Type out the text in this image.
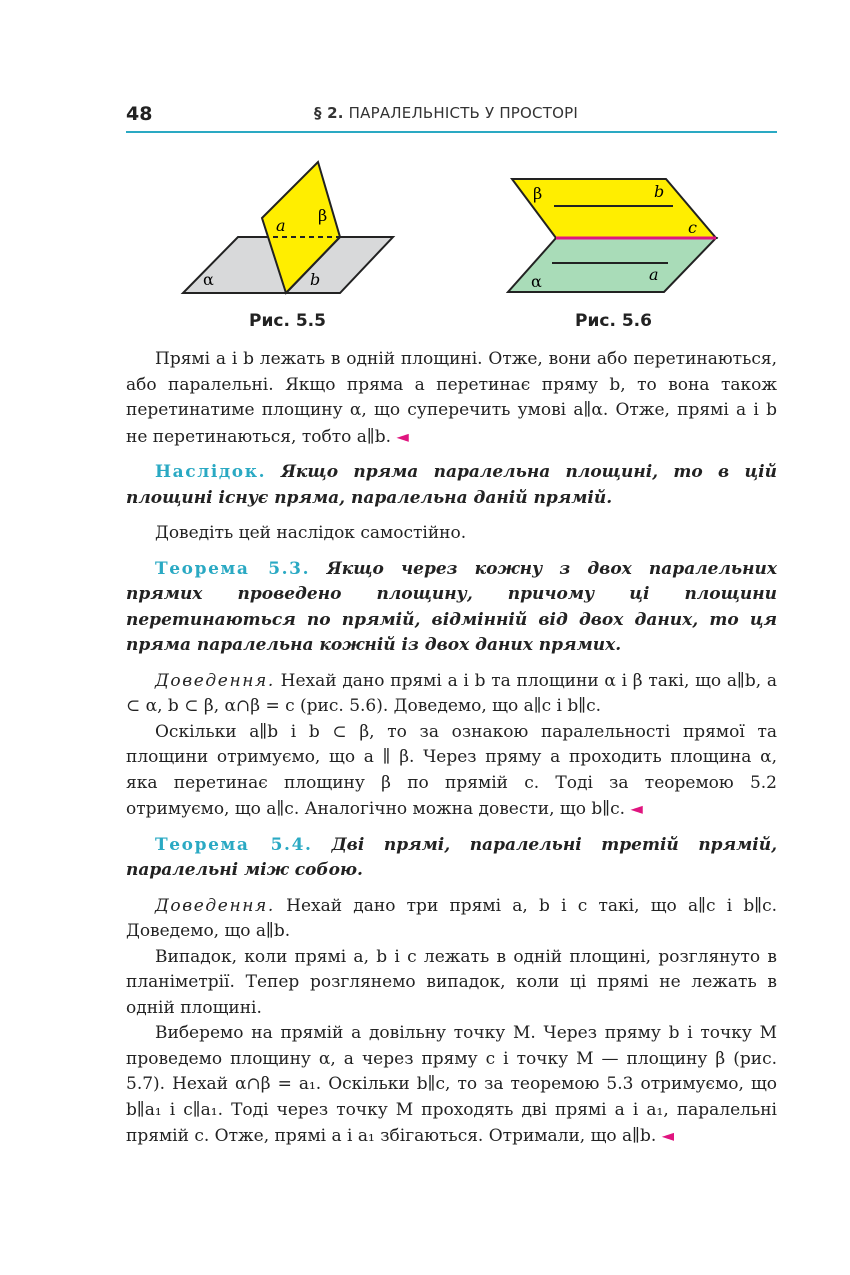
48	§ 2. ПАРАЛЕЛЬНІСТЬ У ПРОСТОРІ
a
β
α	b
Рис. 5.5
β	b
c
a
α
Рис. 5.6

Прямі a і b лежать в одній площині. Отже, вони або перетинаються, або паралельні. Якщо пряма a перетинає пряму b, то вона також перетинатиме площину α, що суперечить умові a∥α. Отже, прямі a і b не перетинаються, тобто a∥b. ◄

Наслідок. Якщо пряма паралельна площині, то в цій площині існує пряма, паралельна даній прямій.

Доведіть цей наслідок самостійно.

Теорема 5.3. Якщо через кожну з двох паралельних прямих проведено площину, причому ці площини перетинаються по прямій, відмінній від двох даних, то ця пряма паралельна кожній із двох даних прямих.

Доведення. Нехай дано прямі a і b та площини α і β такі, що a∥b, a ⊂ α, b ⊂ β, α∩β = c (рис. 5.6). Доведемо, що a∥c і b∥c.

Оскільки a∥b і b ⊂ β, то за ознакою паралельності прямої та площини отримуємо, що a ∥ β. Через пряму a проходить площина α, яка перетинає площину β по прямій c. Тоді за теоремою 5.2 отримуємо, що a∥c. Аналогічно можна довести, що b∥c. ◄

Теорема 5.4. Дві прямі, паралельні третій прямій, паралельні між собою.

Доведення. Нехай дано три прямі a, b і c такі, що a∥c і b∥c. Доведемо, що a∥b.

Випадок, коли прямі a, b і c лежать в одній площині, розглянуто в планіметрії. Тепер розглянемо випадок, коли ці прямі не лежать в одній площині.

Виберемо на прямій a довільну точку M. Через пряму b і точку M проведемо площину α, а через пряму c і точку M — площину β (рис. 5.7). Нехай α∩β = a₁. Оскільки b∥c, то за теоремою 5.3 отримуємо, що b∥a₁ і c∥a₁. Тоді через точку M проходять дві прямі a і a₁, паралельні прямій c. Отже, прямі a і a₁ збігаються. Отримали, що a∥b. ◄
